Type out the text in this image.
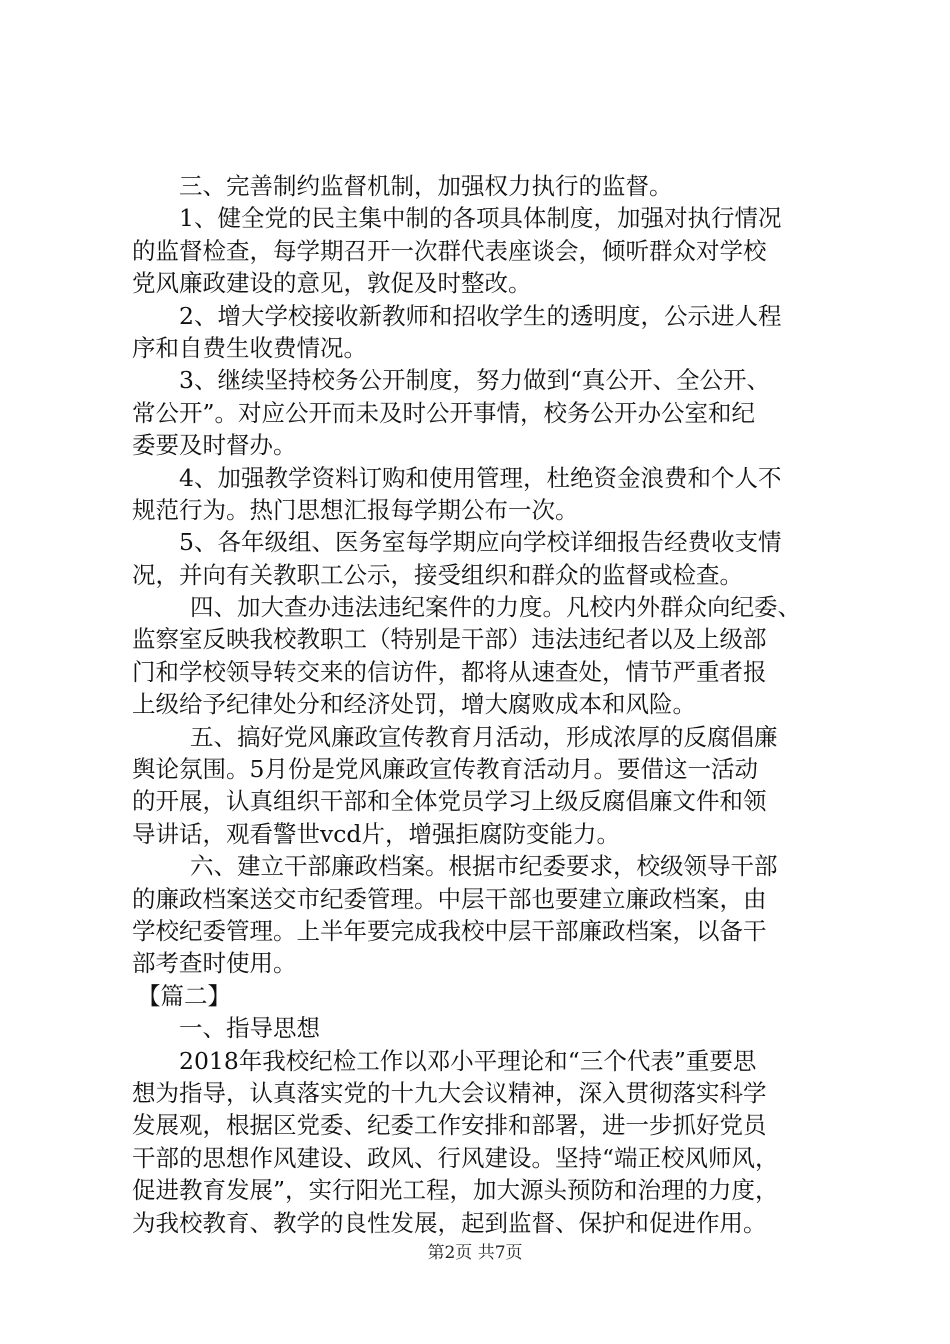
三、完善制约监督机制，加强权力执行的监督。
1、健全党的民主集中制的各项具体制度，加强对执行情况
的监督检查，每学期召开一次群代表座谈会，倾听群众对学校
党风廉政建设的意见，敦促及时整改。
2、增大学校接收新教师和招收学生的透明度，公示进人程
序和自费生收费情况。
3、继续坚持校务公开制度，努力做到“真公开、全公开、
常公开”。对应公开而未及时公开事情，校务公开办公室和纪
委要及时督办。
4、加强教学资料订购和使用管理，杜绝资金浪费和个人不
规范行为。热门思想汇报每学期公布一次。
5、各年级组、医务室每学期应向学校详细报告经费收支情
况，并向有关教职工公示，接受组织和群众的监督或检查。
四、加大查办违法违纪案件的力度。凡校内外群众向纪委、
监察室反映我校教职工（特别是干部）违法违纪者以及上级部
门和学校领导转交来的信访件，都将从速查处，情节严重者报
上级给予纪律处分和经济处罚，增大腐败成本和风险。
五、搞好党风廉政宣传教育月活动，形成浓厚的反腐倡廉
舆论氛围。5月份是党风廉政宣传教育活动月。要借这一活动
的开展，认真组织干部和全体党员学习上级反腐倡廉文件和领
导讲话，观看警世vcd片，增强拒腐防变能力。
六、建立干部廉政档案。根据市纪委要求，校级领导干部
的廉政档案送交市纪委管理。中层干部也要建立廉政档案，由
学校纪委管理。上半年要完成我校中层干部廉政档案，以备干
部考查时使用。
【篇二】
一、指导思想
2018年我校纪检工作以邓小平理论和“三个代表”重要思
想为指导，认真落实党的十九大会议精神，深入贯彻落实科学
发展观，根据区党委、纪委工作安排和部署，进一步抓好党员
干部的思想作风建设、政风、行风建设。坚持“端正校风师风，
促进教育发展”，实行阳光工程，加大源头预防和治理的力度，
为我校教育、教学的良性发展，起到监督、保护和促进作用。
第2页 共7页
